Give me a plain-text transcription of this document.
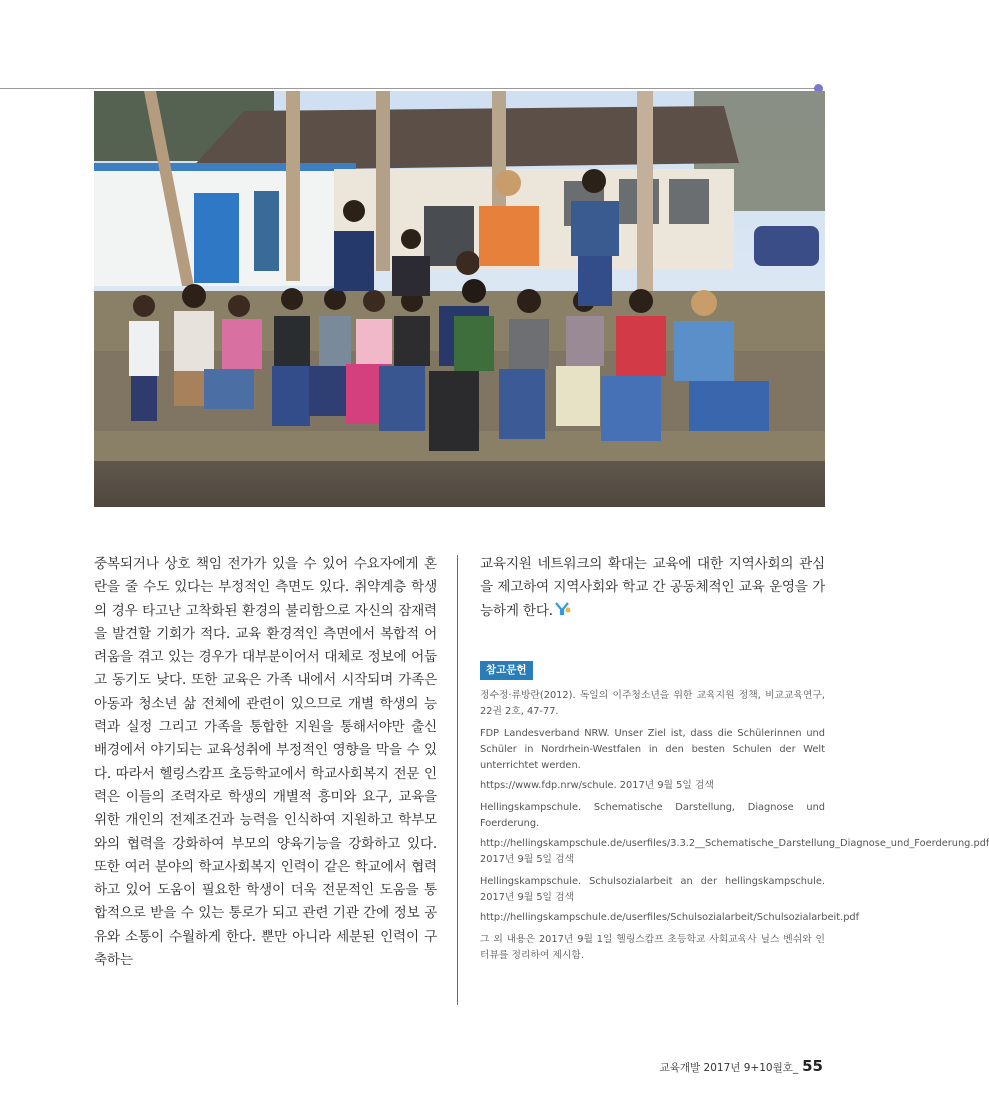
중복되거나 상호 책임 전가가 있을 수 있어 수요자에게 혼란을 줄 수도 있다는 부정적인 측면도 있다. 취약계층 학생의 경우 타고난 고착화된 환경의 불리함으로 자신의 잠재력을 발견할 기회가 적다. 교육 환경적인 측면에서 복합적 어려움을 겪고 있는 경우가 대부분이어서 대체로 정보에 어둡고 동기도 낮다. 또한 교육은 가족 내에서 시작되며 가족은 아동과 청소년 삶 전체에 관련이 있으므로 개별 학생의 능력과 실정 그리고 가족을 통합한 지원을 통해서야만 출신 배경에서 야기되는 교육성취에 부정적인 영향을 막을 수 있다. 따라서 헬링스캄프 초등학교에서 학교사회복지 전문 인력은 이들의 조력자로 학생의 개별적 흥미와 요구, 교육을 위한 개인의 전제조건과 능력을 인식하여 지원하고 학부모와의 협력을 강화하여 부모의 양육기능을 강화하고 있다. 또한 여러 분야의 학교사회복지 인력이 같은 학교에서 협력하고 있어 도움이 필요한 학생이 더욱 전문적인 도움을 통합적으로 받을 수 있는 통로가 되고 관련 기관 간에 정보 공유와 소통이 수월하게 한다. 뿐만 아니라 세분된 인력이 구축하는

교육지원 네트워크의 확대는 교육에 대한 지역사회의 관심을 제고하여 지역사회와 학교 간 공동체적인 교육 운영을 가능하게 한다.

참고문헌

정수정·류방란(2012). 독일의 이주청소년을 위한 교육지원 정책, 비교교육연구, 22권 2호, 47-77.

FDP Landesverband NRW. Unser Ziel ist, dass die Schülerinnen und Schüler in Nordrhein-Westfalen in den besten Schulen der Welt unterrichtet werden.

https://www.fdp.nrw/schule. 2017년 9월 5일 검색

Hellingskampschule. Schematische Darstellung, Diagnose und Foerderung.

http://hellingskampschule.de/userfiles/3.3.2__Schematische_Darstellung_Diagnose_und_Foerderung.pdf 2017년 9월 5일 검색

Hellingskampschule. Schulsozialarbeit an der hellingskampschule. 2017년 9월 5일 검색

http://hellingskampschule.de/userfiles/Schulsozialarbeit/Schulsozialarbeit.pdf

그 외 내용은 2017년 9월 1일 헬링스캄프 초등학교 사회교육사 닐스 벤쉬와 인터뷰를 정리하여 제시함.

교육개발 2017년 9+10월호_ 55
